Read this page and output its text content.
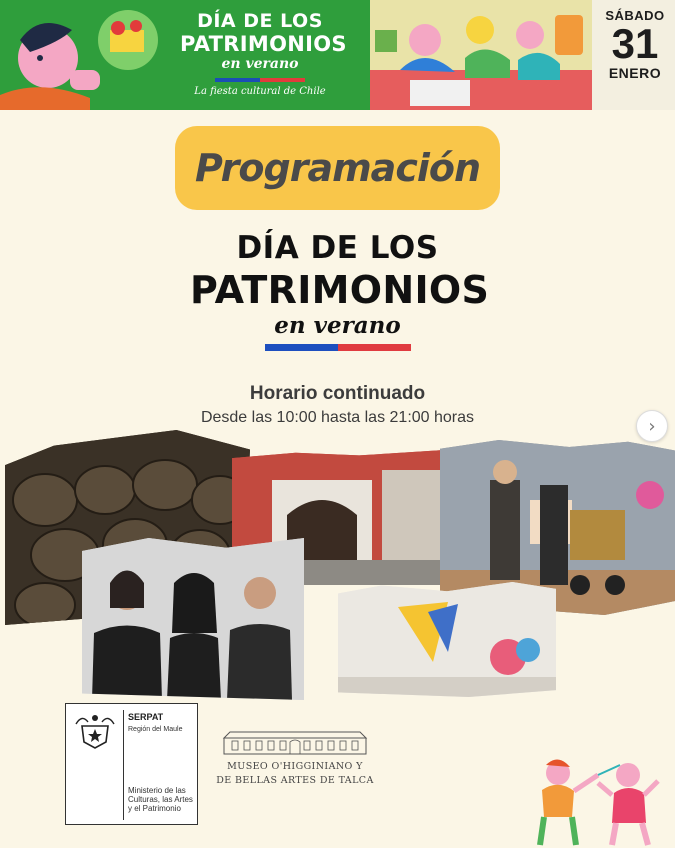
DÍA DE LOS
PATRIMONIOS
en verano
La fiesta cultural de Chile
SÁBADO
31
ENERO
Programación
DÍA DE LOS
PATRIMONIOS
en verano
Horario continuado
Desde las 10:00 hasta las 21:00 horas	›
SERPAT
Región del Maule
Ministerio de las Culturas, las Artes y el Patrimonio
MUSEO O'HIGGINIANO Y
DE BELLAS ARTES DE TALCA
